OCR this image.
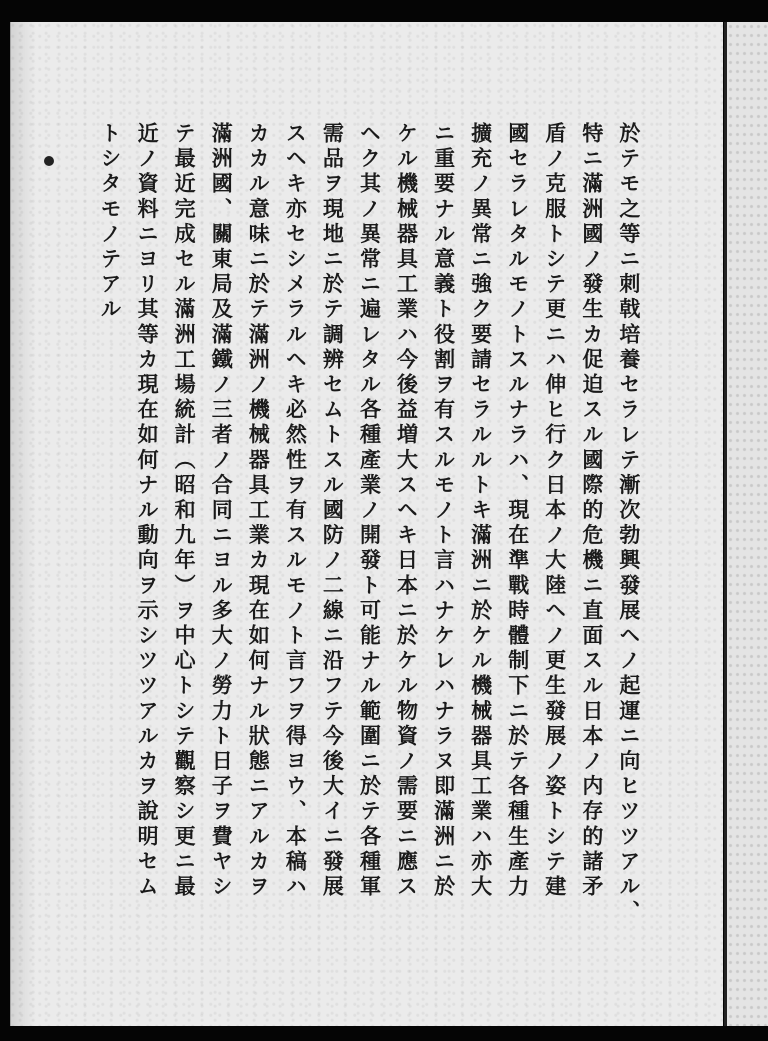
於テモ之等ニ刺戟培養セラレテ漸次勃興發展ヘノ起運ニ向ヒツツアル、
特ニ滿洲國ノ發生カ促迫スル國際的危機ニ直面スル日本ノ内存的諸矛
盾ノ克服トシテ更ニハ伸ヒ行ク日本ノ大陸ヘノ更生發展ノ姿トシテ建
國セラレタルモノトスルナラハ、現在準戰時體制下ニ於テ各種生產力
擴充ノ異常ニ強ク要請セラルルトキ滿洲ニ於ケル機械器具工業ハ亦大
ニ重要ナル意義ト役割ヲ有スルモノト言ハナケレハナラヌ即滿洲ニ於
ケル機械器具工業ハ今後益増大スヘキ日本ニ於ケル物資ノ需要ニ應ス
ヘク其ノ異常ニ遍レタル各種產業ノ開發ト可能ナル範圍ニ於テ各種軍
需品ヲ現地ニ於テ調辨セムトスル國防ノ二線ニ沿フテ今後大イニ發展
スヘキ亦セシメラルヘキ必然性ヲ有スルモノト言フヲ得ヨウ、本稿ハ
カカル意味ニ於テ滿洲ノ機械器具工業カ現在如何ナル狀態ニアルカヲ
滿洲國、關東局及滿鐵ノ三者ノ合同ニヨル多大ノ勞力ト日子ヲ費ヤシ
テ最近完成セル滿洲工場統計（昭和九年）ヲ中心トシテ觀察シ更ニ最
近ノ資料ニヨリ其等カ現在如何ナル動向ヲ示シツツアルカヲ說明セム
トシタモノテアル
